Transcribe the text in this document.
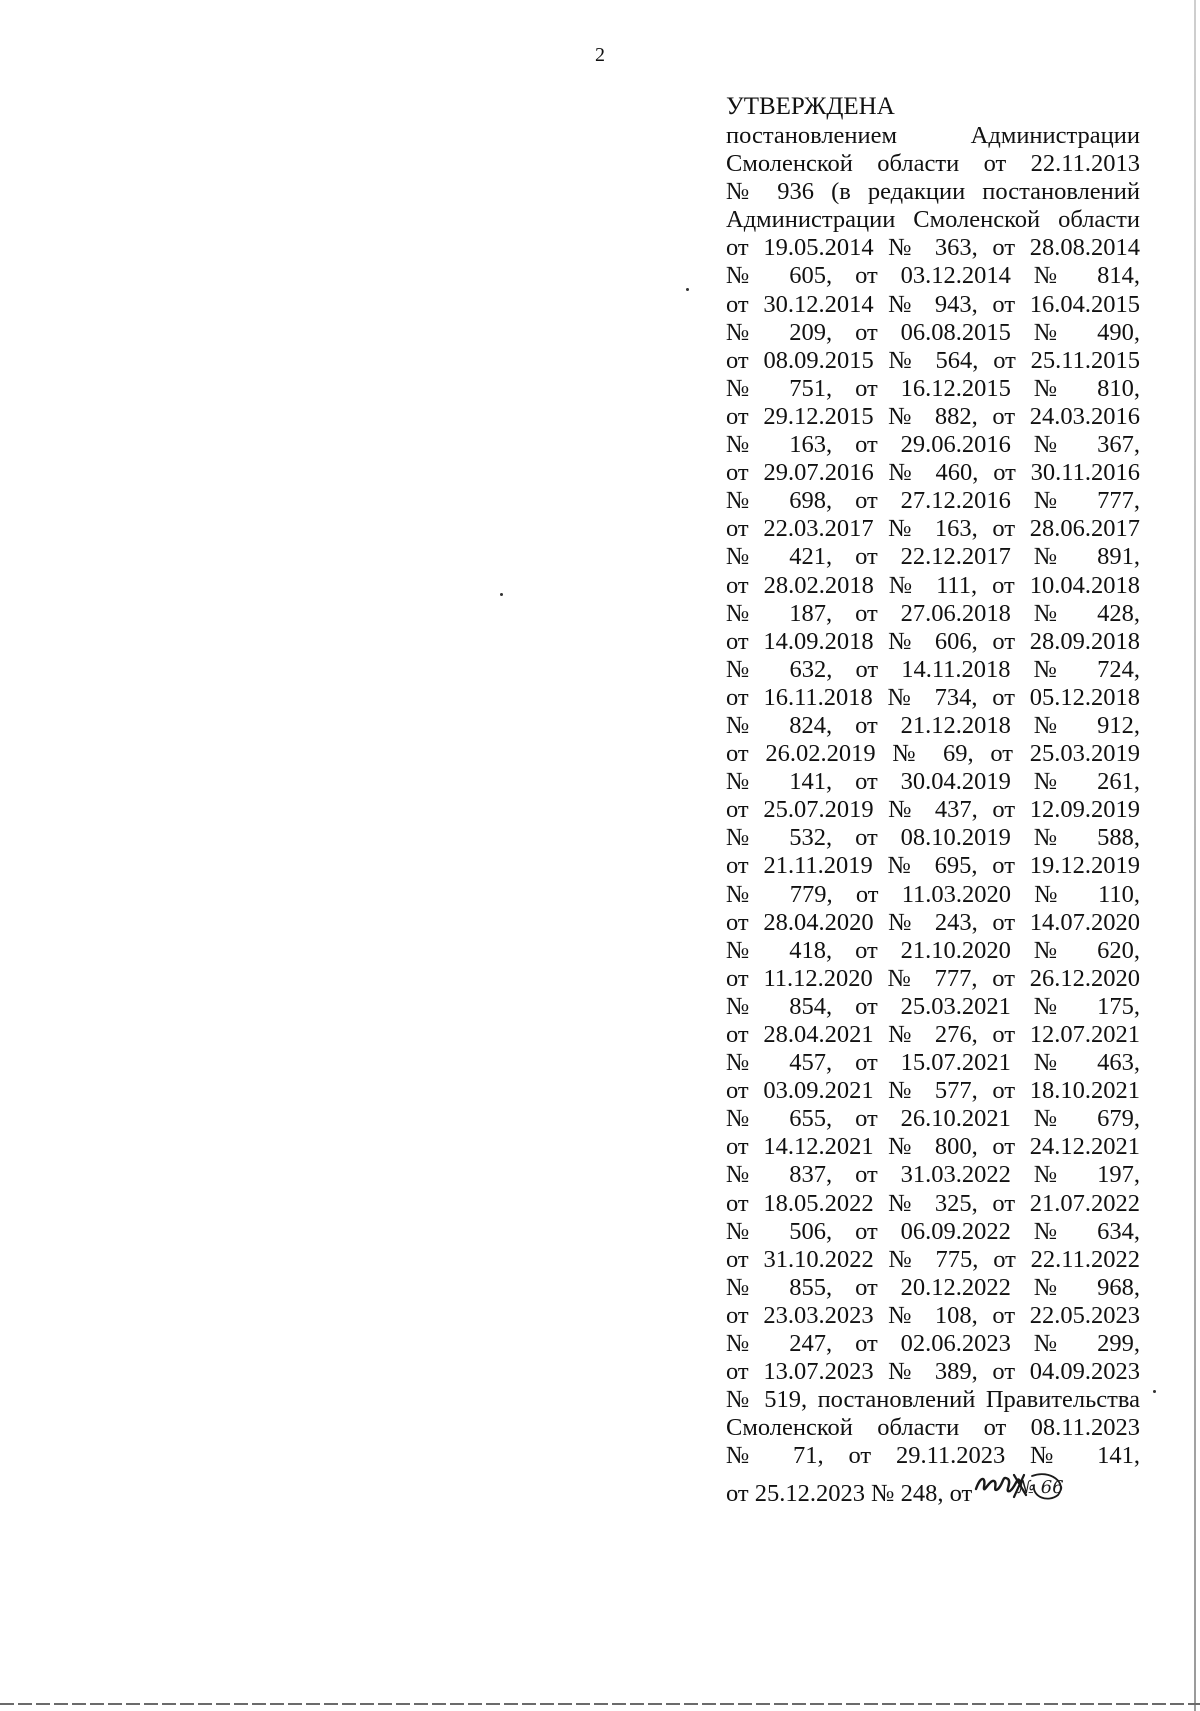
2
УТВЕРЖДЕНА
постановлением Администрации
Смоленской области от 22.11.2013
№ 936 (в редакции постановлений
Администрации Смоленской области
от 19.05.2014 № 363, от 28.08.2014
№ 605, от 03.12.2014 № 814,
от 30.12.2014 № 943, от 16.04.2015
№ 209, от 06.08.2015 № 490,
от 08.09.2015 № 564, от 25.11.2015
№ 751, от 16.12.2015 № 810,
от 29.12.2015 № 882, от 24.03.2016
№ 163, от 29.06.2016 № 367,
от 29.07.2016 № 460, от 30.11.2016
№ 698, от 27.12.2016 № 777,
от 22.03.2017 № 163, от 28.06.2017
№ 421, от 22.12.2017 № 891,
от 28.02.2018 № 111, от 10.04.2018
№ 187, от 27.06.2018 № 428,
от 14.09.2018 № 606, от 28.09.2018
№ 632, от 14.11.2018 № 724,
от 16.11.2018 № 734, от 05.12.2018
№ 824, от 21.12.2018 № 912,
от 26.02.2019 № 69, от 25.03.2019
№ 141, от 30.04.2019 № 261,
от 25.07.2019 № 437, от 12.09.2019
№ 532, от 08.10.2019 № 588,
от 21.11.2019 № 695, от 19.12.2019
№ 779, от 11.03.2020 № 110,
от 28.04.2020 № 243, от 14.07.2020
№ 418, от 21.10.2020 № 620,
от 11.12.2020 № 777, от 26.12.2020
№ 854, от 25.03.2021 № 175,
от 28.04.2021 № 276, от 12.07.2021
№ 457, от 15.07.2021 № 463,
от 03.09.2021 № 577, от 18.10.2021
№ 655, от 26.10.2021 № 679,
от 14.12.2021 № 800, от 24.12.2021
№ 837, от 31.03.2022 № 197,
от 18.05.2022 № 325, от 21.07.2022
№ 506, от 06.09.2022 № 634,
от 31.10.2022 № 775, от 22.11.2022
№ 855, от 20.12.2022 № 968,
от 23.03.2023 № 108, от 22.05.2023
№ 247, от 02.06.2023 № 299,
от 13.07.2023 № 389, от 04.09.2023
№ 519, постановлений Правительства
Смоленской области от 08.11.2023
№ 71, от 29.11.2023 № 141,
от 25.12.2023 № 248, от	№ 66
